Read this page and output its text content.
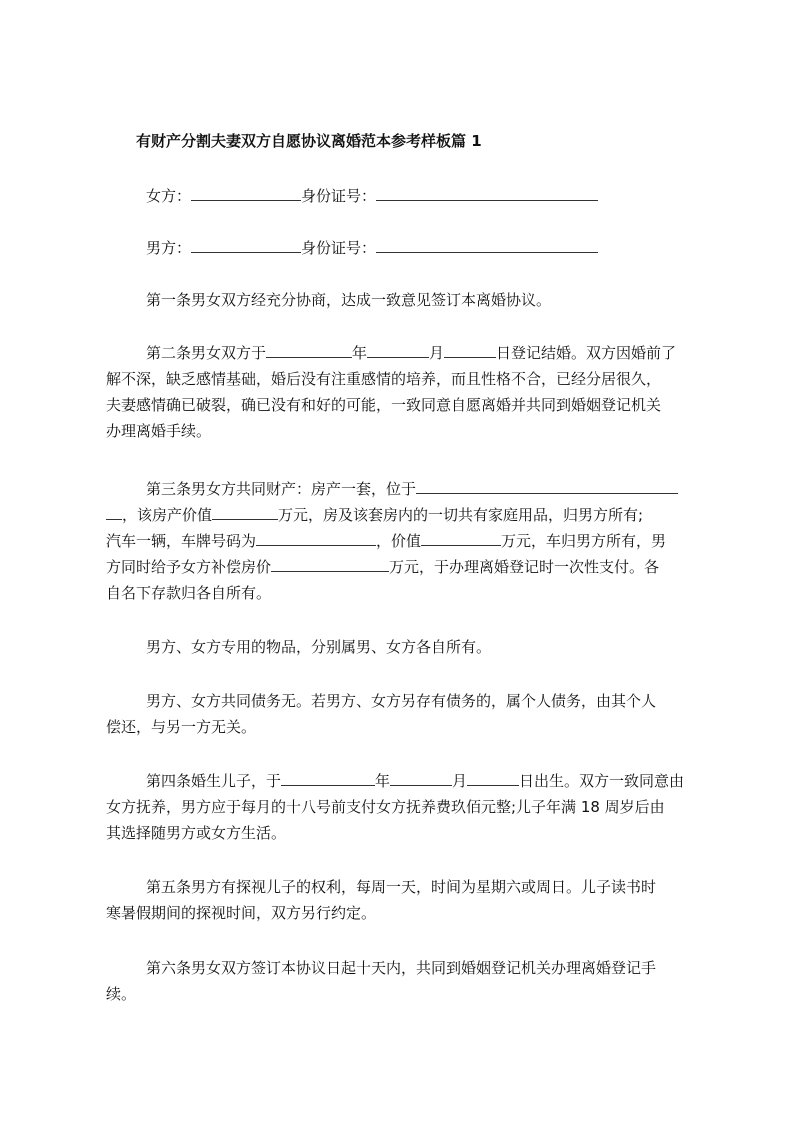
有财产分割夫妻双方自愿协议离婚范本参考样板篇 1
女方：	身份证号：
男方：	身份证号：
第一条男女双方经充分协商，达成一致意见签订本离婚协议。
第二条男女双方于	年	月	日登记结婚。双方因婚前了
解不深，缺乏感情基础，婚后没有注重感情的培养，而且性格不合，已经分居很久，
夫妻感情确已破裂，确已没有和好的可能，一致同意自愿离婚并共同到婚姻登记机关
办理离婚手续。
第三条男女方共同财产：房产一套，位于
，该房产价值	万元，房及该套房内的一切共有家庭用品，归男方所有;
汽车一辆，车牌号码为	，价值	万元，车归男方所有，男
方同时给予女方补偿房价	万元，于办理离婚登记时一次性支付。各
自名下存款归各自所有。
男方、女方专用的物品，分别属男、女方各自所有。
男方、女方共同债务无。若男方、女方另存有债务的，属个人债务，由其个人
偿还，与另一方无关。
第四条婚生儿子，于	年	月	日出生。双方一致同意由
女方抚养，男方应于每月的十八号前支付女方抚养费玖佰元整;儿子年满 18 周岁后由
其选择随男方或女方生活。
第五条男方有探视儿子的权利，每周一天，时间为星期六或周日。儿子读书时
寒暑假期间的探视时间，双方另行约定。
第六条男女双方签订本协议日起十天内，共同到婚姻登记机关办理离婚登记手
续。
